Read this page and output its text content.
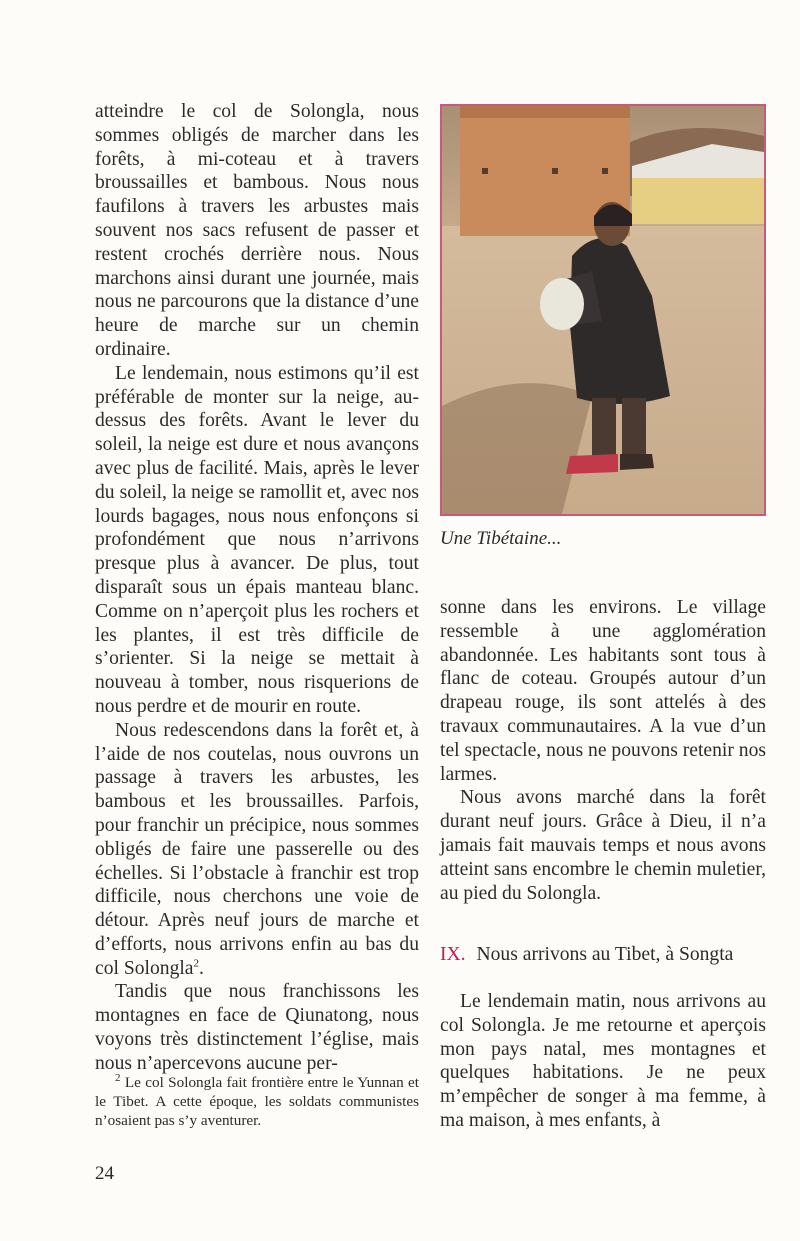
atteindre le col de Solongla, nous sommes obligés de marcher dans les forêts, à mi-coteau et à travers broussailles et bambous. Nous nous faufilons à travers les arbustes mais souvent nos sacs refusent de passer et restent crochés derrière nous. Nous marchons ainsi durant une journée, mais nous ne parcourons que la distance d’une heure de marche sur un chemin ordinaire.

Le lendemain, nous estimons qu’il est préférable de monter sur la neige, au-dessus des forêts. Avant le lever du soleil, la neige est dure et nous avançons avec plus de facilité. Mais, après le lever du soleil, la neige se ramollit et, avec nos lourds bagages, nous nous enfonçons si profondément que nous n’arrivons presque plus à avancer. De plus, tout disparaît sous un épais manteau blanc. Comme on n’aperçoit plus les rochers et les plantes, il est très difficile de s’orienter. Si la neige se mettait à nouveau à tomber, nous risquerions de nous perdre et de mourir en route.

Nous redescendons dans la forêt et, à l’aide de nos coutelas, nous ouvrons un passage à travers les arbustes, les bambous et les broussailles. Parfois, pour franchir un précipice, nous sommes obligés de faire une passerelle ou des échelles. Si l’obstacle à franchir est trop difficile, nous cherchons une voie de détour. Après neuf jours de marche et d’efforts, nous arrivons enfin au bas du col Solongla$^2$.

Tandis que nous franchissons les montagnes en face de Qiunatong, nous voyons très distinctement l’église, mais nous n’apercevons aucune per-

Une Tibétaine...

sonne dans les environs. Le village ressemble à une agglomération abandonnée. Les habitants sont tous à flanc de coteau. Groupés autour d’un drapeau rouge, ils sont attelés à des travaux communautaires. A la vue d’un tel spectacle, nous ne pouvons retenir nos larmes.

Nous avons marché dans la forêt durant neuf jours. Grâce à Dieu, il n’a jamais fait mauvais temps et nous avons atteint sans encombre le chemin muletier, au pied du Solongla.

IX. Nous arrivons au Tibet, à Songta

Le lendemain matin, nous arrivons au col Solongla. Je me retourne et aperçois mon pays natal, mes montagnes et quelques habitations. Je ne peux m’empêcher de songer à ma femme, à ma maison, à mes enfants, à

$^2$ Le col Solongla fait frontière entre le Yunnan et le Tibet. A cette époque, les soldats communistes n’osaient pas s’y aventurer.

24
